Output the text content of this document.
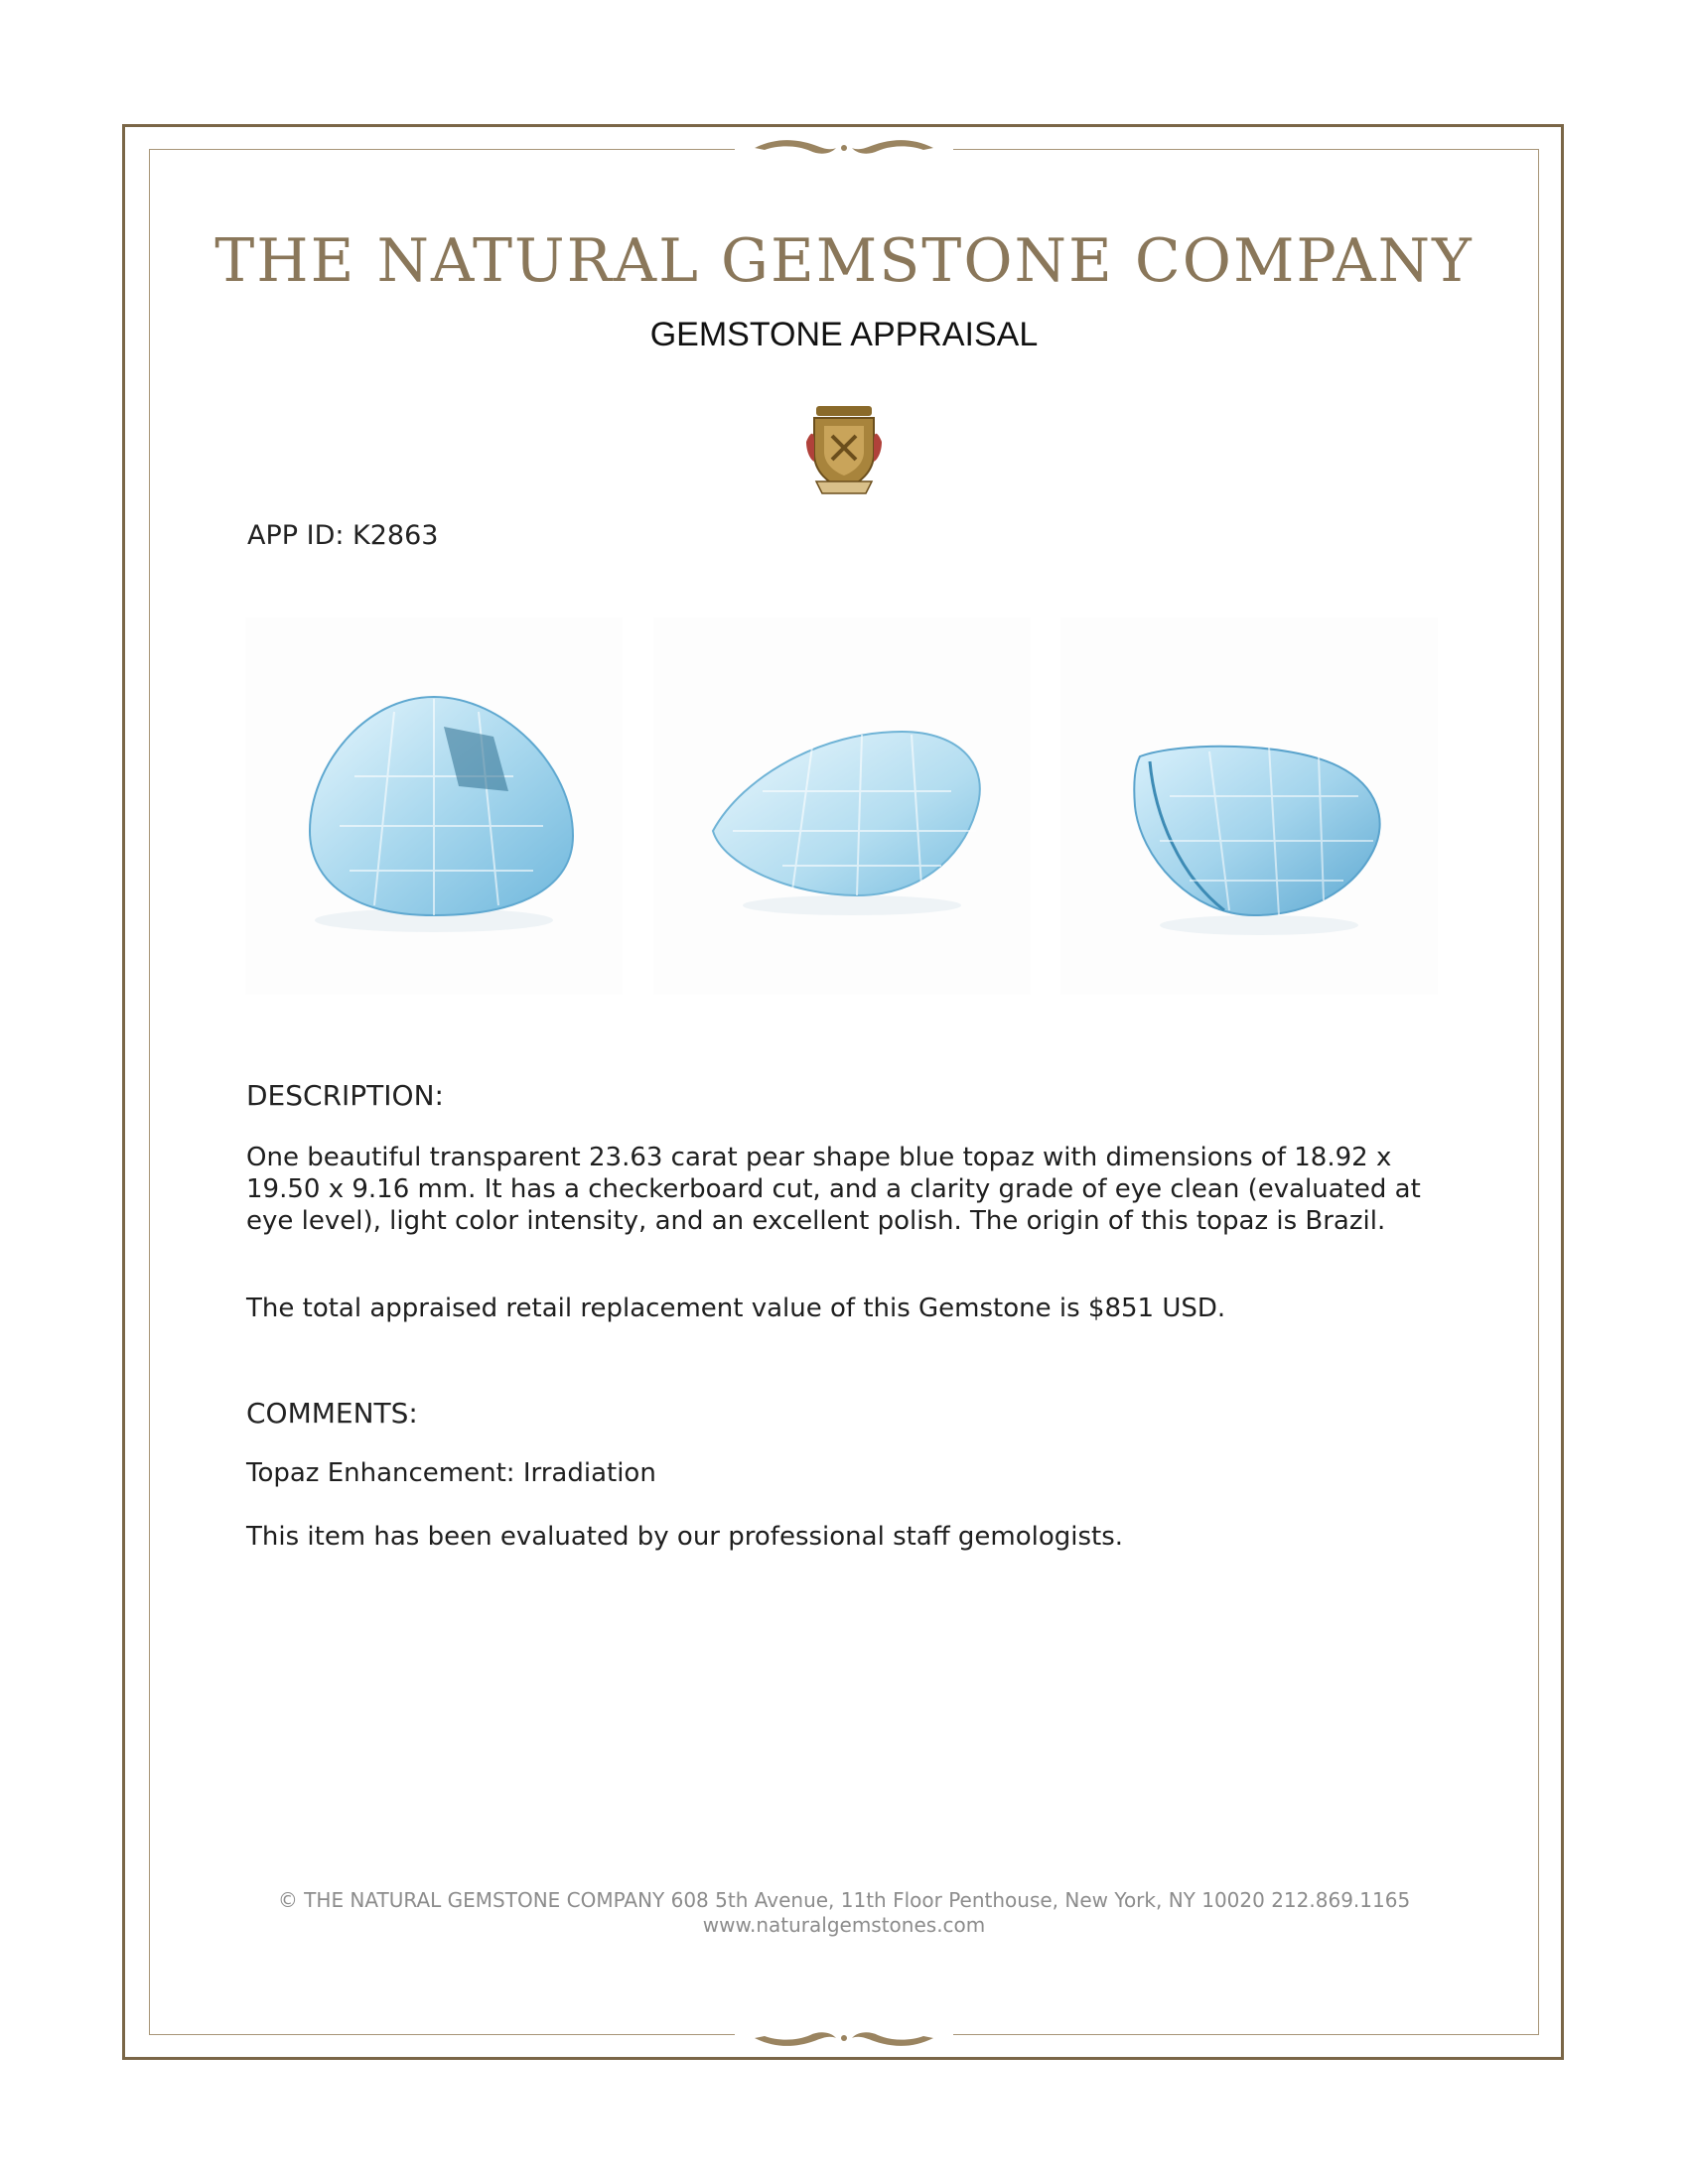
THE NATURAL GEMSTONE COMPANY
GEMSTONE APPRAISAL
APP ID: K2863
DESCRIPTION:
One beautiful transparent 23.63 carat pear shape blue topaz with dimensions of 18.92 x 19.50 x 9.16 mm. It has a checkerboard cut, and a clarity grade of eye clean (evaluated at eye level), light color intensity, and an excellent polish. The origin of this topaz is Brazil.
The total appraised retail replacement value of this Gemstone is $851 USD.
COMMENTS:
Topaz Enhancement: Irradiation
This item has been evaluated by our professional staff gemologists.
© THE NATURAL GEMSTONE COMPANY 608 5th Avenue, 11th Floor Penthouse, New York, NY 10020 212.869.1165
www.naturalgemstones.com
